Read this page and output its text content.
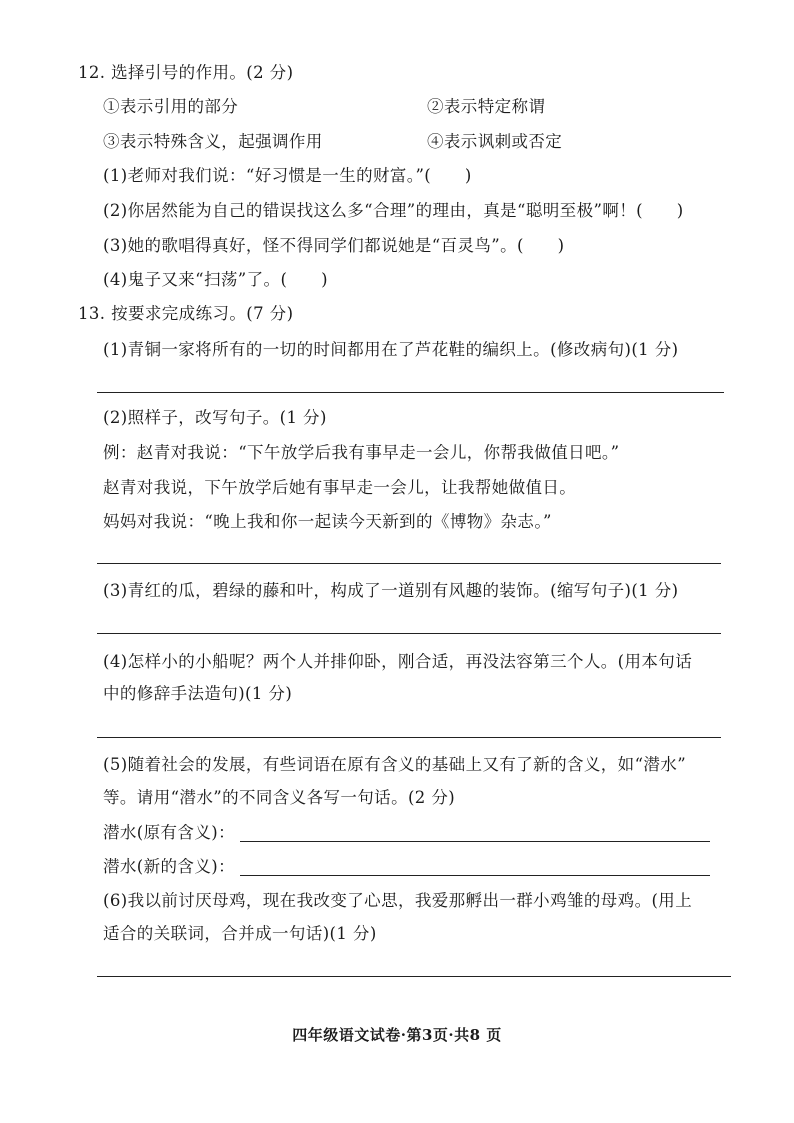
12. 选择引号的作用。(2 分)
①表示引用的部分	②表示特定称谓
③表示特殊含义，起强调作用	④表示讽刺或否定
(1)老师对我们说：“好习惯是一生的财富。”(　　)
(2)你居然能为自己的错误找这么多“合理”的理由，真是“聪明至极”啊！(　　)
(3)她的歌唱得真好，怪不得同学们都说她是“百灵鸟”。(　　)
(4)鬼子又来“扫荡”了。(　　)
13. 按要求完成练习。(7 分)
(1)青铜一家将所有的一切的时间都用在了芦花鞋的编织上。(修改病句)(1 分)
(2)照样子，改写句子。(1 分)
例：赵青对我说：“下午放学后我有事早走一会儿，你帮我做值日吧。”
赵青对我说，下午放学后她有事早走一会儿，让我帮她做值日。
妈妈对我说：“晚上我和你一起读今天新到的《博物》杂志。”
(3)青红的瓜，碧绿的藤和叶，构成了一道别有风趣的装饰。(缩写句子)(1 分)
(4)怎样小的小船呢？两个人并排仰卧，刚合适，再没法容第三个人。(用本句话
中的修辞手法造句)(1 分)
(5)随着社会的发展，有些词语在原有含义的基础上又有了新的含义，如“潜水”
等。请用“潜水”的不同含义各写一句话。(2 分)
潜水(原有含义)：
潜水(新的含义)：
(6)我以前讨厌母鸡，现在我改变了心思，我爱那孵出一群小鸡雏的母鸡。(用上
适合的关联词，合并成一句话)(1 分)
四年级语文试卷·第3页·共8 页
